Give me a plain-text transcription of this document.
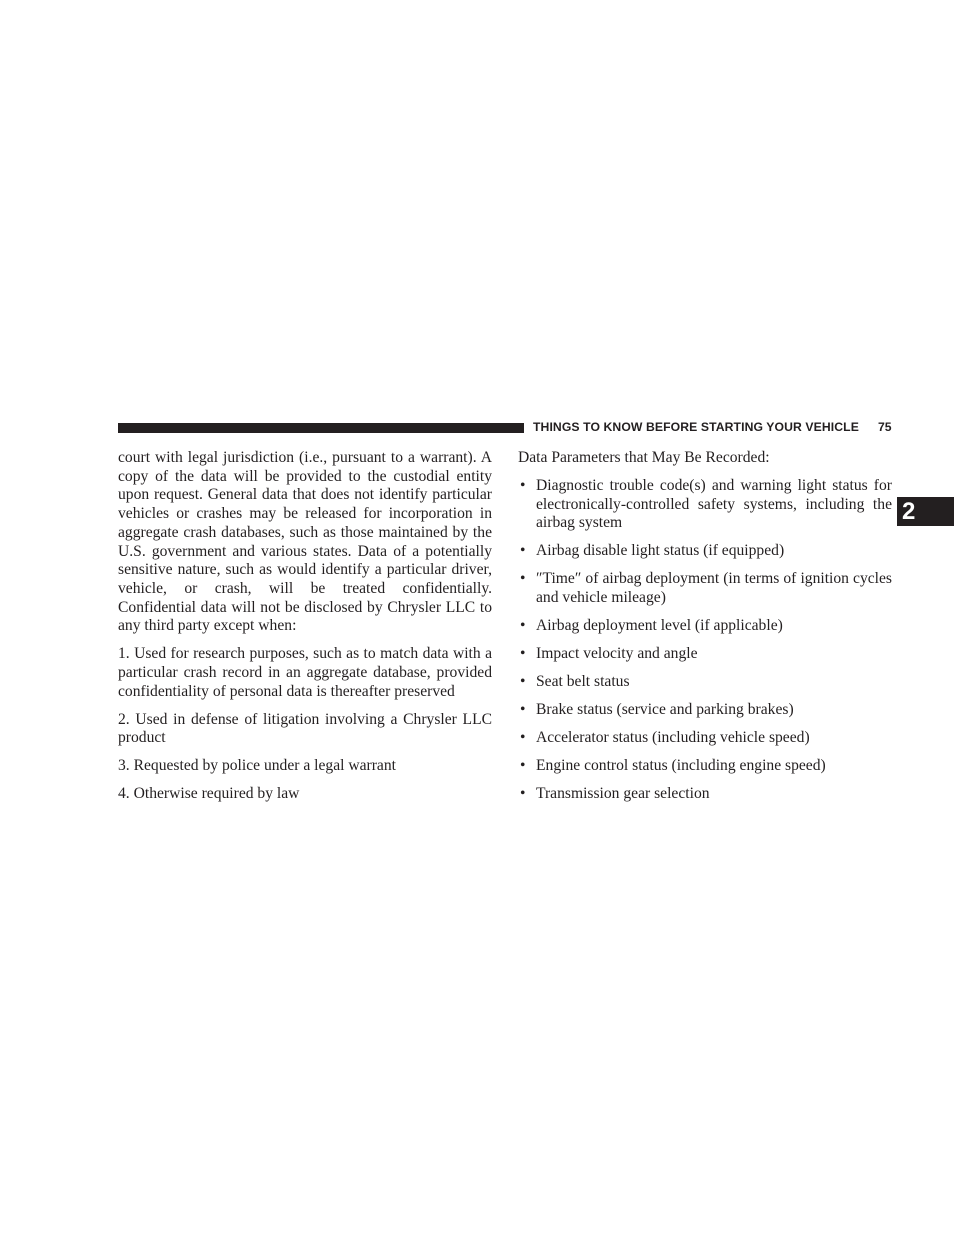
THINGS TO KNOW BEFORE STARTING YOUR VEHICLE 75
2

court with legal jurisdiction (i.e., pursuant to a warrant). A copy of the data will be provided to the custodial entity upon request. General data that does not identify particular vehicles or crashes may be released for incorporation in aggregate crash databases, such as those maintained by the U.S. government and various states. Data of a potentially sensitive nature, such as would identify a particular driver, vehicle, or crash, will be treated confidentially. Confidential data will not be disclosed by Chrysler LLC to any third party except when:

1. Used for research purposes, such as to match data with a particular crash record in an aggregate database, provided confidentiality of personal data is thereafter preserved

2. Used in defense of litigation involving a Chrysler LLC product

3. Requested by police under a legal warrant

4. Otherwise required by law

Data Parameters that May Be Recorded:

• Diagnostic trouble code(s) and warning light status for electronically-controlled safety systems, including the airbag system
• Airbag disable light status (if equipped)
• ″Time″ of airbag deployment (in terms of ignition cycles and vehicle mileage)
• Airbag deployment level (if applicable)
• Impact velocity and angle
• Seat belt status
• Brake status (service and parking brakes)
• Accelerator status (including vehicle speed)
• Engine control status (including engine speed)
• Transmission gear selection
